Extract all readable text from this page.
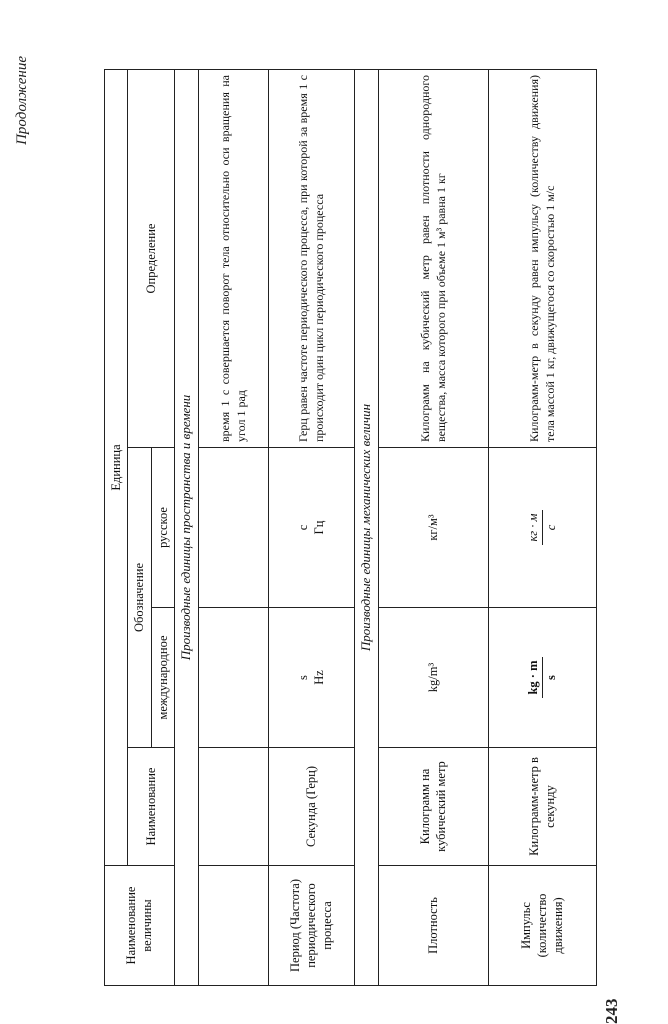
Продолжение
Наименование величины	Единица			
	Наименование	Обозначение		Определение
		международное	русское	
Производные единицы пространства и времени				
				время 1 с совершается поворот тела относительно оси вращения на угол 1 рад
Период (Частота) периодического процесса	Секунда (Герц)	s Hz	с Гц	Герц равен частоте периодического процесса, при которой за время 1 с происходит один цикл периодического процесса
Производные единицы механических величин				
Плотность	Килограмм на кубический метр	kg/m³	кг/м³	Килограмм на кубический метр равен плотности однородного вещества, масса которого при объеме 1 м³ равна 1 кг
Импульс (количество движения)	Килограмм-метр в секунду	kg · m s	кг · м с	Килограмм-метр в секунду равен импульсу (количеству движения) тела массой 1 кг, движущегося со скоростью 1 м/с
243
